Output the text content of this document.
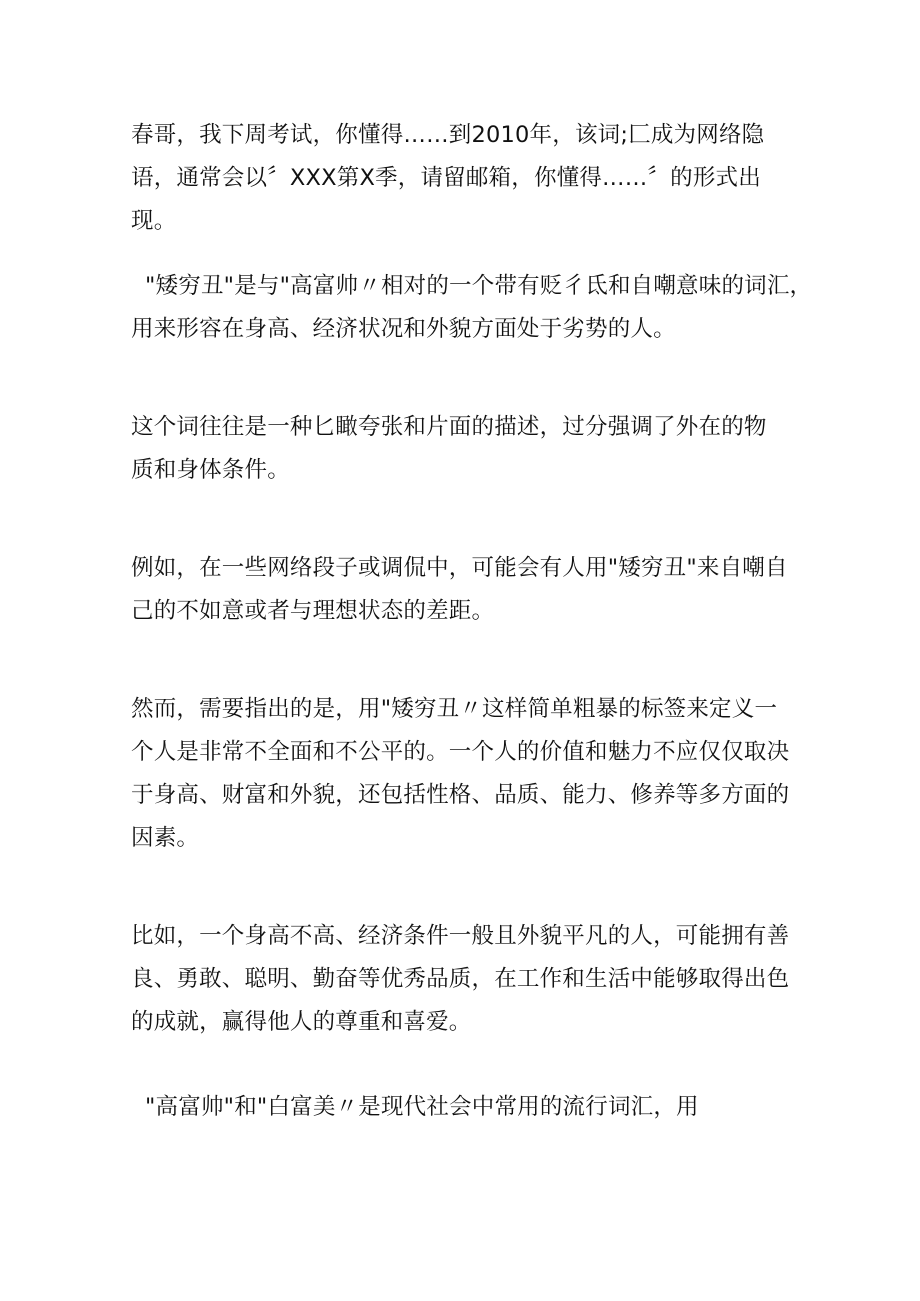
春哥，我下周考试，你懂得……到2010年，该词;匚成为网络隐
语，通常会以〞XXX第X季，请留邮箱，你懂得……〞的形式出
现。
"矮穷丑"是与"高富帅〃相对的一个带有贬彳氐和自嘲意味的词汇，
用来形容在身高、经济状况和外貌方面处于劣势的人。
这个词往往是一种匕瞰夸张和片面的描述，过分强调了外在的物
质和身体条件。
例如，在一些网络段子或调侃中，可能会有人用"矮穷丑"来自嘲自
己的不如意或者与理想状态的差距。
然而，需要指出的是，用"矮穷丑〃这样简单粗暴的标签来定义一
个人是非常不全面和不公平的。一个人的价值和魅力不应仅仅取决
于身高、财富和外貌，还包括性格、品质、能力、修养等多方面的
因素。
比如，一个身高不高、经济条件一般且外貌平凡的人，可能拥有善
良、勇敢、聪明、勤奋等优秀品质，在工作和生活中能够取得出色
的成就，赢得他人的尊重和喜爱。
"高富帅"和"白富美〃是现代社会中常用的流行词汇，用
